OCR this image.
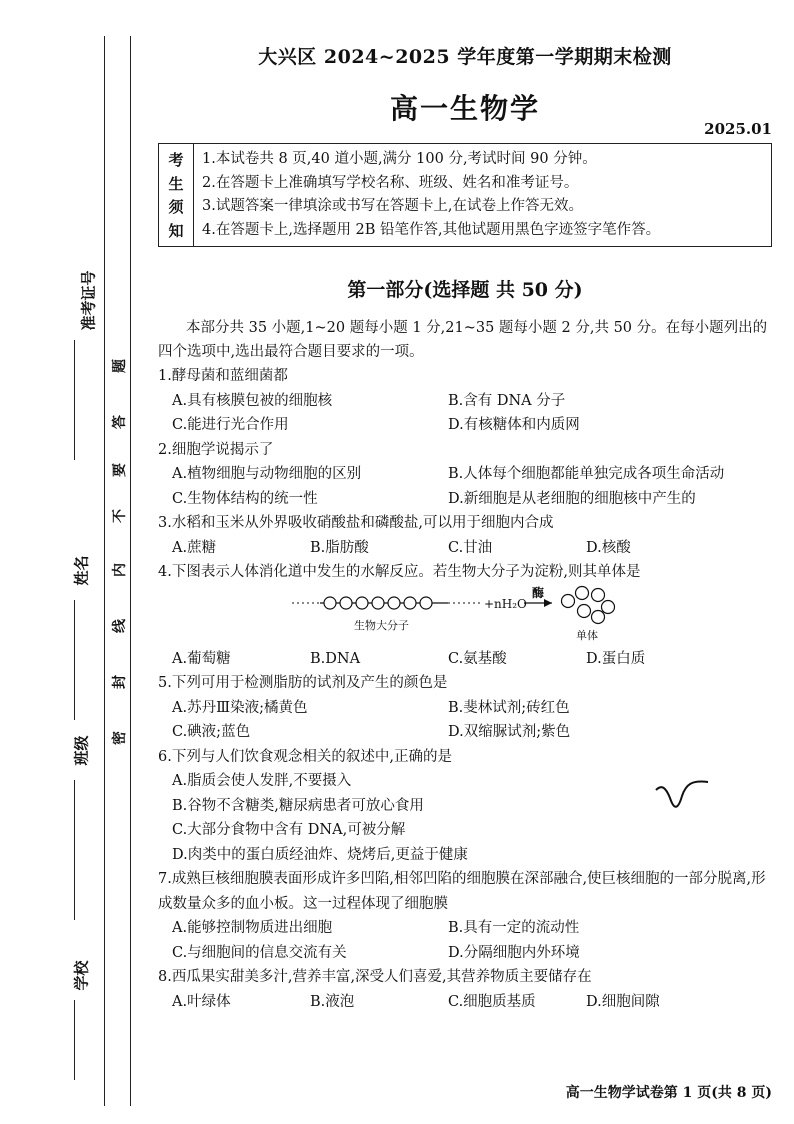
准考证号
姓名
班级
学校
密
封
线
内
不
要
答
题
大兴区 2024~2025 学年度第一学期期末检测
高一生物学
2025.01
考
生
须
知
1.本试卷共 8 页,40 道小题,满分 100 分,考试时间 90 分钟。
2.在答题卡上准确填写学校名称、班级、姓名和准考证号。
3.试题答案一律填涂或书写在答题卡上,在试卷上作答无效。
4.在答题卡上,选择题用 2B 铅笔作答,其他试题用黑色字迹签字笔作答。
第一部分(选择题 共 50 分)

本部分共 35 小题,1~20 题每小题 1 分,21~35 题每小题 2 分,共 50 分。在每小题列出的四个选项中,选出最符合题目要求的一项。

1.酵母菌和蓝细菌都

A.具有核膜包被的细胞核	B.含有 DNA 分子
C.能进行光合作用	D.有核糖体和内质网

2.细胞学说揭示了

A.植物细胞与动物细胞的区别	B.人体每个细胞都能单独完成各项生命活动
C.生物体结构的统一性	D.新细胞是从老细胞的细胞核中产生的

3.水稻和玉米从外界吸收硝酸盐和磷酸盐,可以用于细胞内合成

A.蔗糖	B.脂肪酸	C.甘油	D.核酸

4.下图表示人体消化道中发生的水解反应。若生物大分子为淀粉,则其单体是

+nH₂O
酶
生物大分子
单体
A.葡萄糖	B.DNA	C.氨基酸	D.蛋白质

5.下列可用于检测脂肪的试剂及产生的颜色是

A.苏丹Ⅲ染液;橘黄色	B.斐林试剂;砖红色
C.碘液;蓝色	D.双缩脲试剂;紫色

6.下列与人们饮食观念相关的叙述中,正确的是

A.脂质会使人发胖,不要摄入
B.谷物不含糖类,糖尿病患者可放心食用
C.大部分食物中含有 DNA,可被分解
D.肉类中的蛋白质经油炸、烧烤后,更益于健康

7.成熟巨核细胞膜表面形成许多凹陷,相邻凹陷的细胞膜在深部融合,使巨核细胞的一部分脱离,形成数量众多的血小板。这一过程体现了细胞膜

A.能够控制物质进出细胞	B.具有一定的流动性
C.与细胞间的信息交流有关	D.分隔细胞内外环境

8.西瓜果实甜美多汁,营养丰富,深受人们喜爱,其营养物质主要储存在

A.叶绿体	B.液泡	C.细胞质基质	D.细胞间隙
高一生物学试卷第 1 页(共 8 页)
